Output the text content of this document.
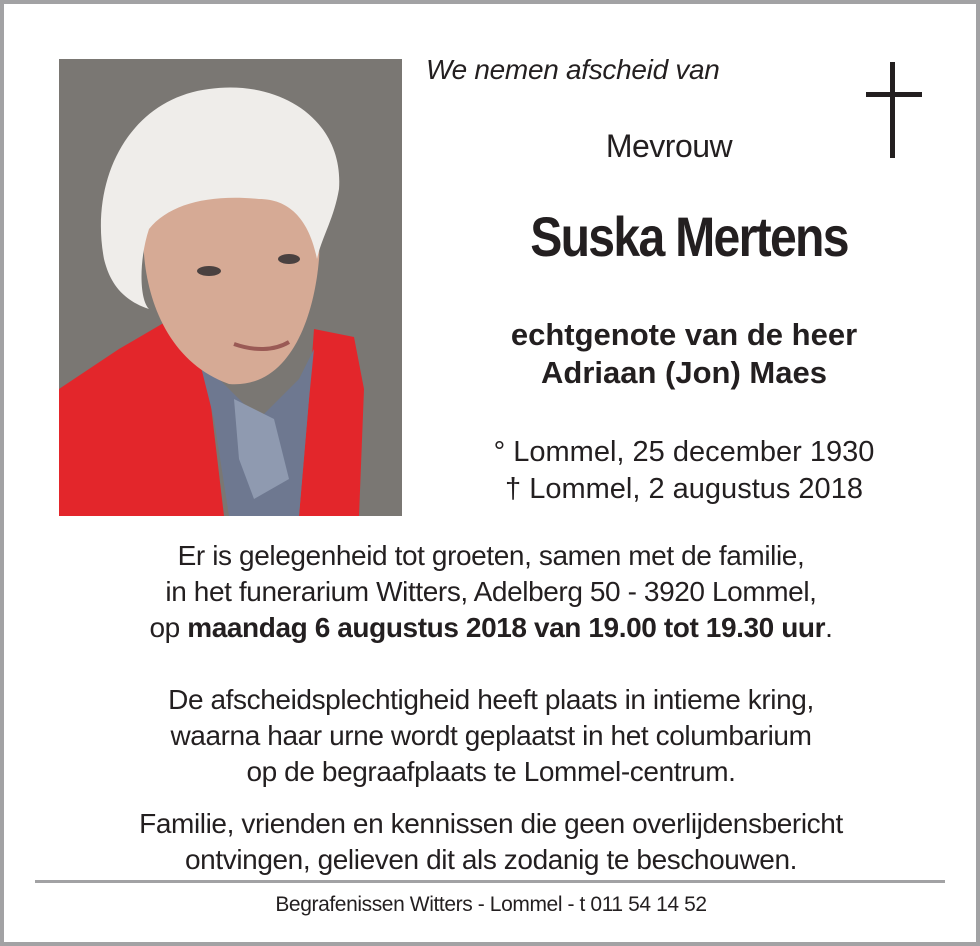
We nemen afscheid van
Mevrouw
Suska Mertens
echtgenote van de heer
Adriaan (Jon) Maes
° Lommel, 25 december 1930
† Lommel, 2 augustus 2018
Er is gelegenheid tot groeten, samen met de familie,
in het funerarium Witters, Adelberg 50 - 3920 Lommel,
op maandag 6 augustus 2018 van 19.00 tot 19.30 uur.
De afscheidsplechtigheid heeft plaats in intieme kring,
waarna haar urne wordt geplaatst in het columbarium
op de begraafplaats te Lommel-centrum.
Familie, vrienden en kennissen die geen overlijdensbericht
ontvingen, gelieven dit als zodanig te beschouwen.
Begrafenissen Witters - Lommel - t 011 54 14 52
